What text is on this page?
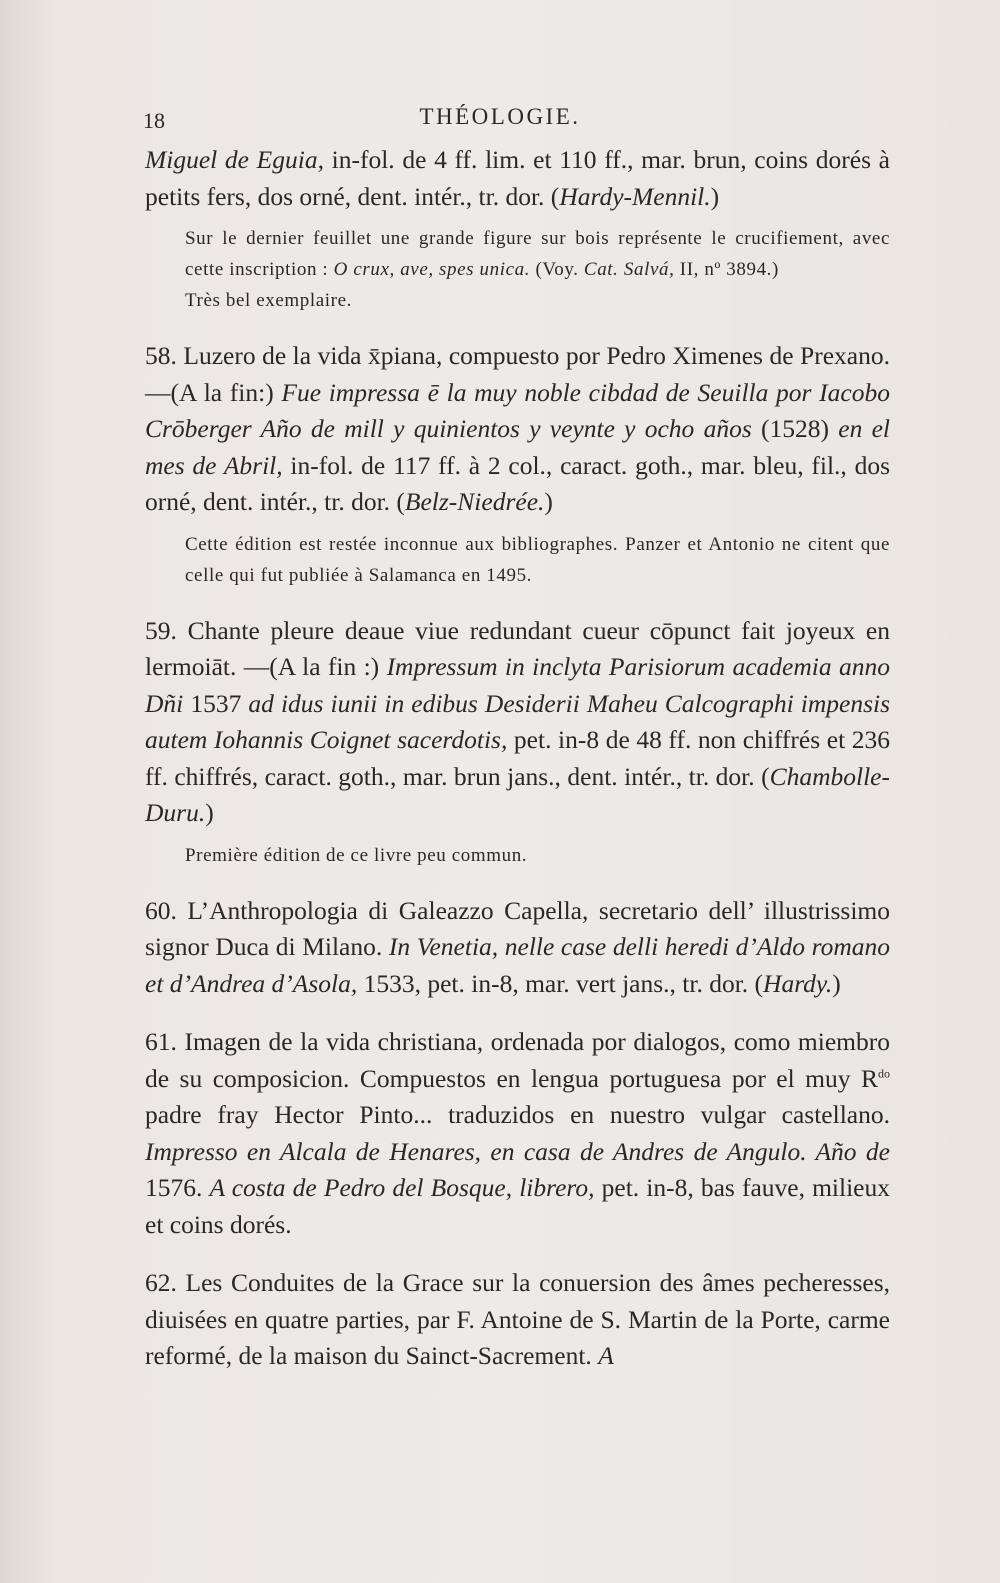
18	THÉOLOGIE.

Miguel de Eguia, in-fol. de 4 ff. lim. et 110 ff., mar. brun, coins dorés à petits fers, dos orné, dent. intér., tr. dor. (Hardy-Mennil.)

Sur le dernier feuillet une grande figure sur bois représente le crucifiement, avec cette inscription : O crux, ave, spes unica. (Voy. Cat. Salvá, II, nº 3894.)

Très bel exemplaire.

58. Luzero de la vida x̄piana, compuesto por Pedro Ximenes de Prexano.—(A la fin:) Fue impressa ē la muy noble cibdad de Seuilla por Iacobo Crōberger Año de mill y quinientos y veynte y ocho años (1528) en el mes de Abril, in-fol. de 117 ff. à 2 col., caract. goth., mar. bleu, fil., dos orné, dent. intér., tr. dor. (Belz-Niedrée.)

Cette édition est restée inconnue aux bibliographes. Panzer et Antonio ne citent que celle qui fut publiée à Salamanca en 1495.

59. Chante pleure deaue viue redundant cueur cōpunct fait joyeux en lermoiāt. —(A la fin :) Impressum in inclyta Parisiorum academia anno Dñi 1537 ad idus iunii in edibus Desiderii Maheu Calcographi impensis autem Iohannis Coignet sacerdotis, pet. in-8 de 48 ff. non chiffrés et 236 ff. chiffrés, caract. goth., mar. brun jans., dent. intér., tr. dor. (Chambolle-Duru.)

Première édition de ce livre peu commun.

60. L’Anthropologia di Galeazzo Capella, secretario dell’ illustrissimo signor Duca di Milano. In Venetia, nelle case delli heredi d’Aldo romano et d’Andrea d’Asola, 1533, pet. in-8, mar. vert jans., tr. dor. (Hardy.)

61. Imagen de la vida christiana, ordenada por dialogos, como miembro de su composicion. Compuestos en lengua portuguesa por el muy $R^{do}$ padre fray Hector Pinto... traduzidos en nuestro vulgar castellano. Impresso en Alcala de Henares, en casa de Andres de Angulo. Año de 1576. A costa de Pedro del Bosque, librero, pet. in-8, bas fauve, milieux et coins dorés.

62. Les Conduites de la Grace sur la conuersion des âmes pecheresses, diuisées en quatre parties, par F. Antoine de S. Martin de la Porte, carme reformé, de la maison du Sainct-Sacrement. A
